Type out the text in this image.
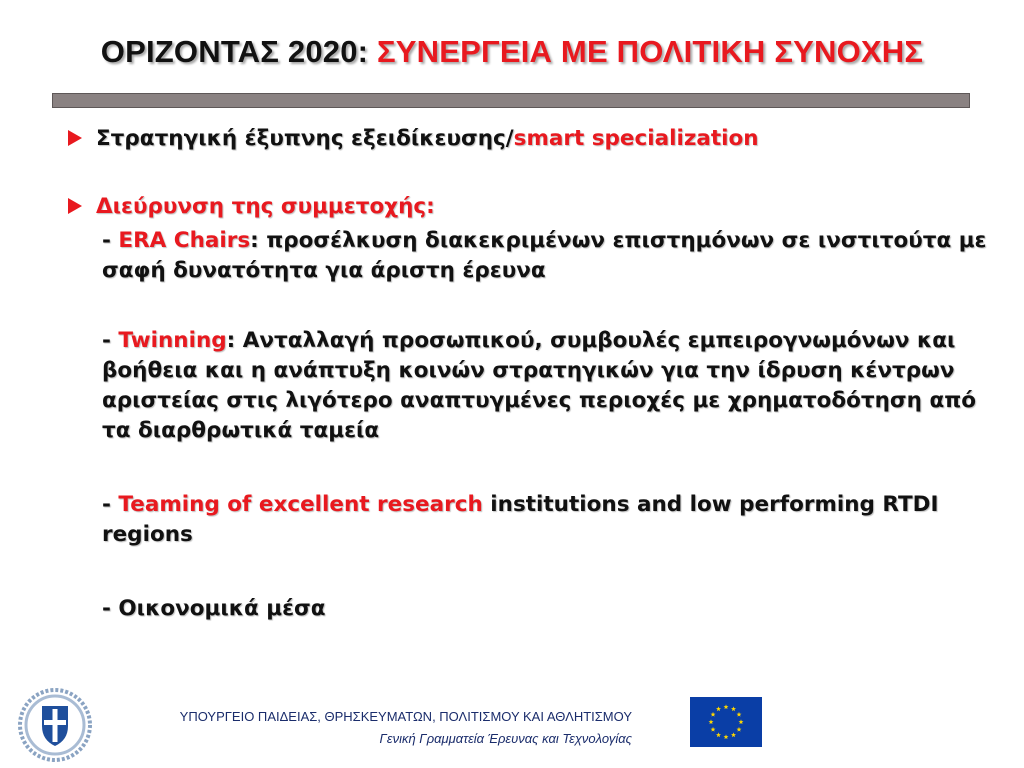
ΟΡΙΖΟΝΤΑΣ 2020: ΣΥΝΕΡΓΕΙΑ ΜΕ ΠΟΛΙΤΙΚΗ ΣΥΝΟΧΗΣ
Στρατηγική έξυπνης εξειδίκευσης/smart specialization
Διεύρυνση της συμμετοχής:
- ERA Chairs: προσέλκυση διακεκριμένων επιστημόνων σε ινστιτούτα με σαφή δυνατότητα για άριστη έρευνα
- Twinning: Ανταλλαγή προσωπικού, συμβουλές εμπειρογνωμόνων και βοήθεια και η ανάπτυξη κοινών στρατηγικών για την ίδρυση κέντρων αριστείας στις λιγότερο αναπτυγμένες περιοχές με χρηματοδότηση από τα διαρθρωτικά ταμεία
- Teaming of excellent research institutions and low performing RTDI regions
- Οικονομικά μέσα
ΥΠΟΥΡΓΕΙΟ ΠΑΙΔΕΙΑΣ, ΘΡΗΣΚΕΥΜΑΤΩΝ, ΠΟΛΙΤΙΣΜΟΥ ΚΑΙ ΑΘΛΗΤΙΣΜΟΥ
Γενική Γραμματεία Έρευνας και Τεχνολογίας
